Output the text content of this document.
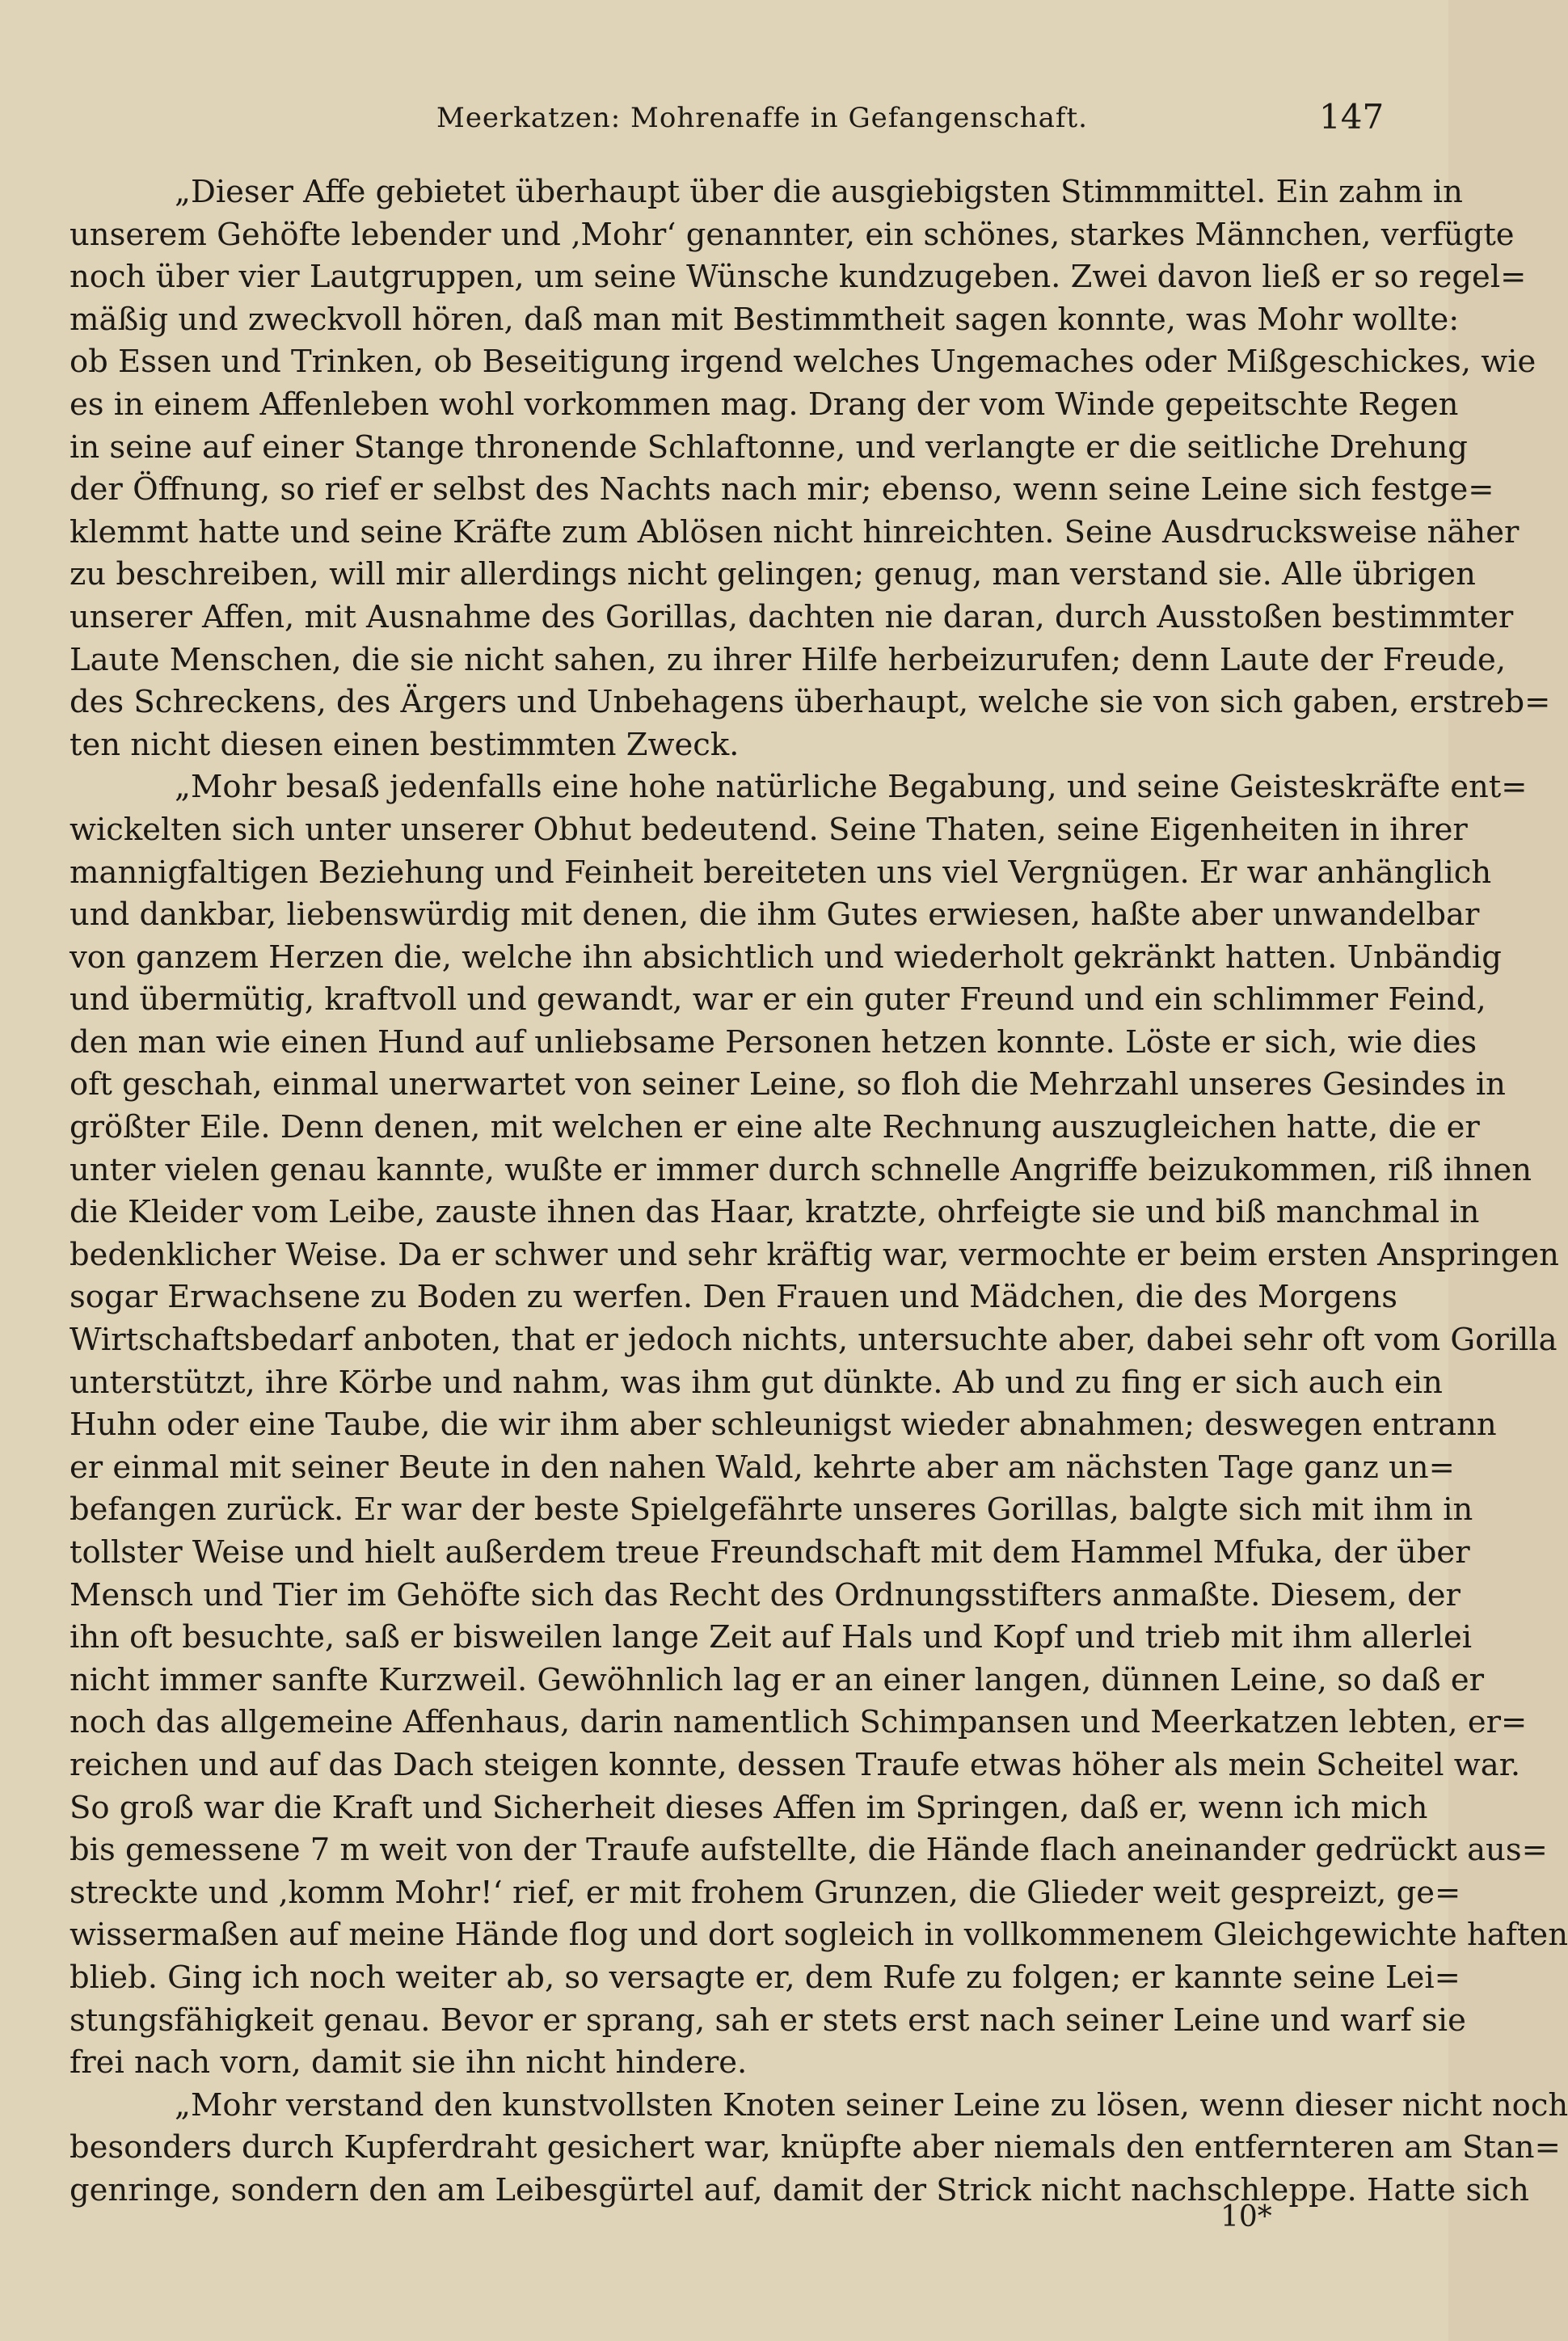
Meerkatzen: Mohrenaffe in Gefangenschaft.	147
„Dieser Affe gebietet überhaupt über die ausgiebigsten Stimmmittel. Ein zahm in
unserem Gehöfte lebender und ‚Mohr‘ genannter, ein schönes, starkes Männchen, verfügte
noch über vier Lautgruppen, um seine Wünsche kundzugeben. Zwei davon ließ er so regel=
mäßig und zweckvoll hören, daß man mit Bestimmtheit sagen konnte, was Mohr wollte:
ob Essen und Trinken, ob Beseitigung irgend welches Ungemaches oder Mißgeschickes, wie
es in einem Affenleben wohl vorkommen mag. Drang der vom Winde gepeitschte Regen
in seine auf einer Stange thronende Schlaftonne, und verlangte er die seitliche Drehung
der Öffnung, so rief er selbst des Nachts nach mir; ebenso, wenn seine Leine sich festge=
klemmt hatte und seine Kräfte zum Ablösen nicht hinreichten. Seine Ausdrucksweise näher
zu beschreiben, will mir allerdings nicht gelingen; genug, man verstand sie. Alle übrigen
unserer Affen, mit Ausnahme des Gorillas, dachten nie daran, durch Ausstoßen bestimmter
Laute Menschen, die sie nicht sahen, zu ihrer Hilfe herbeizurufen; denn Laute der Freude,
des Schreckens, des Ärgers und Unbehagens überhaupt, welche sie von sich gaben, erstreb=
ten nicht diesen einen bestimmten Zweck.
„Mohr besaß jedenfalls eine hohe natürliche Begabung, und seine Geisteskräfte ent=
wickelten sich unter unserer Obhut bedeutend. Seine Thaten, seine Eigenheiten in ihrer
mannigfaltigen Beziehung und Feinheit bereiteten uns viel Vergnügen. Er war anhänglich
und dankbar, liebenswürdig mit denen, die ihm Gutes erwiesen, haßte aber unwandelbar
von ganzem Herzen die, welche ihn absichtlich und wiederholt gekränkt hatten. Unbändig
und übermütig, kraftvoll und gewandt, war er ein guter Freund und ein schlimmer Feind,
den man wie einen Hund auf unliebsame Personen hetzen konnte. Löste er sich, wie dies
oft geschah, einmal unerwartet von seiner Leine, so floh die Mehrzahl unseres Gesindes in
größter Eile. Denn denen, mit welchen er eine alte Rechnung auszugleichen hatte, die er
unter vielen genau kannte, wußte er immer durch schnelle Angriffe beizukommen, riß ihnen
die Kleider vom Leibe, zauste ihnen das Haar, kratzte, ohrfeigte sie und biß manchmal in
bedenklicher Weise. Da er schwer und sehr kräftig war, vermochte er beim ersten Anspringen
sogar Erwachsene zu Boden zu werfen. Den Frauen und Mädchen, die des Morgens
Wirtschaftsbedarf anboten, that er jedoch nichts, untersuchte aber, dabei sehr oft vom Gorilla
unterstützt, ihre Körbe und nahm, was ihm gut dünkte. Ab und zu fing er sich auch ein
Huhn oder eine Taube, die wir ihm aber schleunigst wieder abnahmen; deswegen entrann
er einmal mit seiner Beute in den nahen Wald, kehrte aber am nächsten Tage ganz un=
befangen zurück. Er war der beste Spielgefährte unseres Gorillas, balgte sich mit ihm in
tollster Weise und hielt außerdem treue Freundschaft mit dem Hammel Mfuka, der über
Mensch und Tier im Gehöfte sich das Recht des Ordnungsstifters anmaßte. Diesem, der
ihn oft besuchte, saß er bisweilen lange Zeit auf Hals und Kopf und trieb mit ihm allerlei
nicht immer sanfte Kurzweil. Gewöhnlich lag er an einer langen, dünnen Leine, so daß er
noch das allgemeine Affenhaus, darin namentlich Schimpansen und Meerkatzen lebten, er=
reichen und auf das Dach steigen konnte, dessen Traufe etwas höher als mein Scheitel war.
So groß war die Kraft und Sicherheit dieses Affen im Springen, daß er, wenn ich mich
bis gemessene 7 m weit von der Traufe aufstellte, die Hände flach aneinander gedrückt aus=
streckte und ‚komm Mohr!‘ rief, er mit frohem Grunzen, die Glieder weit gespreizt, ge=
wissermaßen auf meine Hände flog und dort sogleich in vollkommenem Gleichgewichte haften
blieb. Ging ich noch weiter ab, so versagte er, dem Rufe zu folgen; er kannte seine Lei=
stungsfähigkeit genau. Bevor er sprang, sah er stets erst nach seiner Leine und warf sie
frei nach vorn, damit sie ihn nicht hindere.
„Mohr verstand den kunstvollsten Knoten seiner Leine zu lösen, wenn dieser nicht noch
besonders durch Kupferdraht gesichert war, knüpfte aber niemals den entfernteren am Stan=
genringe, sondern den am Leibesgürtel auf, damit der Strick nicht nachschleppe. Hatte sich
10*
